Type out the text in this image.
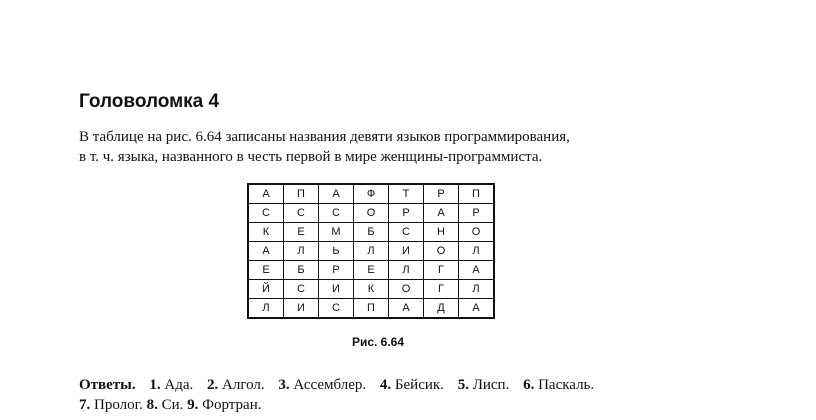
Головоломка 4

В таблице на рис. 6.64 записаны названия девяти языков программирования,
в т. ч. языка, названного в честь первой в мире женщины-программиста.

А	П	А	Ф	Т	Р	П
С	С	С	О	Р	А	Р
К	Е	М	Б	С	Н	О
А	Л	Ь	Л	И	О	Л
Е	Б	Р	Е	Л	Г	А
Й	С	И	К	О	Г	Л
Л	И	С	П	А	Д	А

Рис. 6.64

Ответы. 1. Ада. 2. Алгол. 3. Ассемблер. 4. Бейсик. 5. Лисп. 6. Паскаль.
7. Пролог. 8. Си. 9. Фортран.
